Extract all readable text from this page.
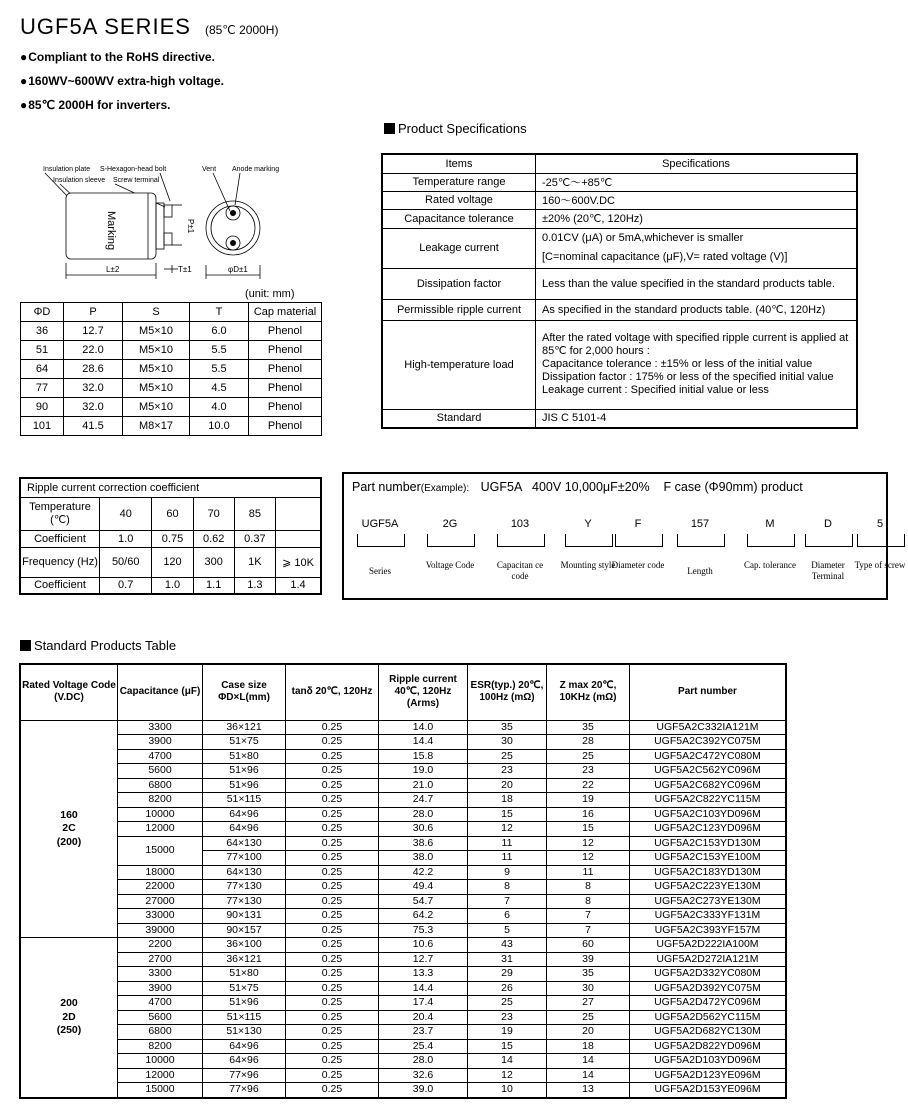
UGF5A SERIES (85℃ 2000H)
● Compliant to the RoHS directive.
● 160WV~600WV extra-high voltage.
● 85℃ 2000H for inverters.
Insulation plate
Insulation sleeve
S-Hexagon-head bolt
Screw terminal
Vent Anode marking
Marking
L±2	T±1
P±1
φD±1
(unit: mm)
ΦD	P	S	T	Cap material
36	12.7	M5×10	6.0	Phenol
51	22.0	M5×10	5.5	Phenol
64	28.6	M5×10	5.5	Phenol
77	32.0	M5×10	4.5	Phenol
90	32.0	M5×10	4.0	Phenol
101	41.5	M8×17	10.0	Phenol
Product Specifications
Items	Specifications
Temperature range	-25℃～+85℃
Rated voltage	160～600V.DC
Capacitance tolerance	±20% (20℃, 120Hz)
Leakage current	0.01CV (μA) or 5mA,whichever is smaller
[C=nominal capacitance (μF),V= rated voltage (V)]

Dissipation factor	Less than the value specified in the standard products table.
Permissible ripple current	As specified in the standard products table. (40℃, 120Hz)
High-temperature load	After the rated voltage with specified ripple current is applied at 85℃ for 2,000 hours :
Capacitance tolerance : ±15% or less of the initial value
Dissipation factor : 175% or less of the specified initial value
Leakage current : Specified initial value or less

Standard	JIS C 5101-4
Ripple current correction coefficient					
Temperature (℃)	40	60	70	85	
Coefficient	1.0	0.75	0.62	0.37	
Frequency (Hz)	50/60	120	300	1K	⩾ 10K
Coefficient	0.7	1.0	1.1	1.3	1.4
Part number(Example): UGF5A   400V 10,000μF±20%    F case (Φ90mm) product
UGF5A
Series
2G
Voltage Code
103
Capacitan ce code
Y
Mounting style
F
Diameter code
157
Length
M
Cap. tolerance
D
Diameter Terminal
5
Type of screw
Standard Products Table
Rated Voltage Code (V.DC)	Capacitance (μF)	Case size ΦD×L(mm)	tanδ 20℃, 120Hz	Ripple current 40℃, 120Hz (Arms)	ESR(typ.) 20℃, 100Hz (mΩ)	Z max 20℃, 10KHz (mΩ)	Part number

160
2C
(200)	3300	36×121	0.25	14.0	35	35	UGF5A2C332IA121M
	3900	51×75	0.25	14.4	30	28	UGF5A2C392YC075M
	4700	51×80	0.25	15.8	25	25	UGF5A2C472YC080M
	5600	51×96	0.25	19.0	23	23	UGF5A2C562YC096M
	6800	51×96	0.25	21.0	20	22	UGF5A2C682YC096M
	8200	51×115	0.25	24.7	18	19	UGF5A2C822YC115M
	10000	64×96	0.25	28.0	15	16	UGF5A2C103YD096M
	12000	64×96	0.25	30.6	12	15	UGF5A2C123YD096M
	15000	64×130	0.25	38.6	11	12	UGF5A2C153YD130M
		77×100	0.25	38.0	11	12	UGF5A2C153YE100M
	18000	64×130	0.25	42.2	9	11	UGF5A2C183YD130M
	22000	77×130	0.25	49.4	8	8	UGF5A2C223YE130M
	27000	77×130	0.25	54.7	7	8	UGF5A2C273YE130M
	33000	90×131	0.25	64.2	6	7	UGF5A2C333YF131M
	39000	90×157	0.25	75.3	5	7	UGF5A2C393YF157M

200
2D
(250)	2200	36×100	0.25	10.6	43	60	UGF5A2D222IA100M
	2700	36×121	0.25	12.7	31	39	UGF5A2D272IA121M
	3300	51×80	0.25	13.3	29	35	UGF5A2D332YC080M
	3900	51×75	0.25	14.4	26	30	UGF5A2D392YC075M
	4700	51×96	0.25	17.4	25	27	UGF5A2D472YC096M
	5600	51×115	0.25	20.4	23	25	UGF5A2D562YC115M
	6800	51×130	0.25	23.7	19	20	UGF5A2D682YC130M
	8200	64×96	0.25	25.4	15	18	UGF5A2D822YD096M
	10000	64×96	0.25	28.0	14	14	UGF5A2D103YD096M
	12000	77×96	0.25	32.6	12	14	UGF5A2D123YE096M
	15000	77×96	0.25	39.0	10	13	UGF5A2D153YE096M
